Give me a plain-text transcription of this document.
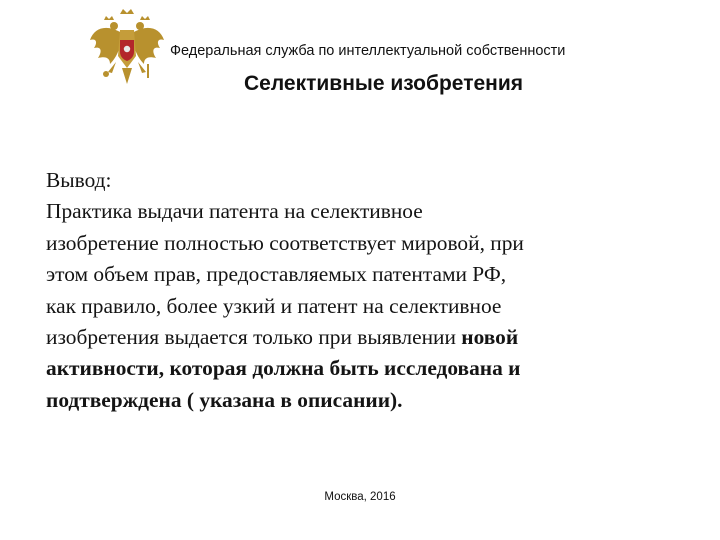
Федеральная служба по интеллектуальной собственности
Селективные изобретения
Вывод:
Практика выдачи патента на селективное
изобретение полностью соответствует мировой, при
этом объем прав, предоставляемых патентами РФ,
как правило, более узкий и патент на селективное
изобретения выдается только при выявлении новой
активности, которая должна быть исследована и
подтверждена ( указана в описании).
Москва, 2016
